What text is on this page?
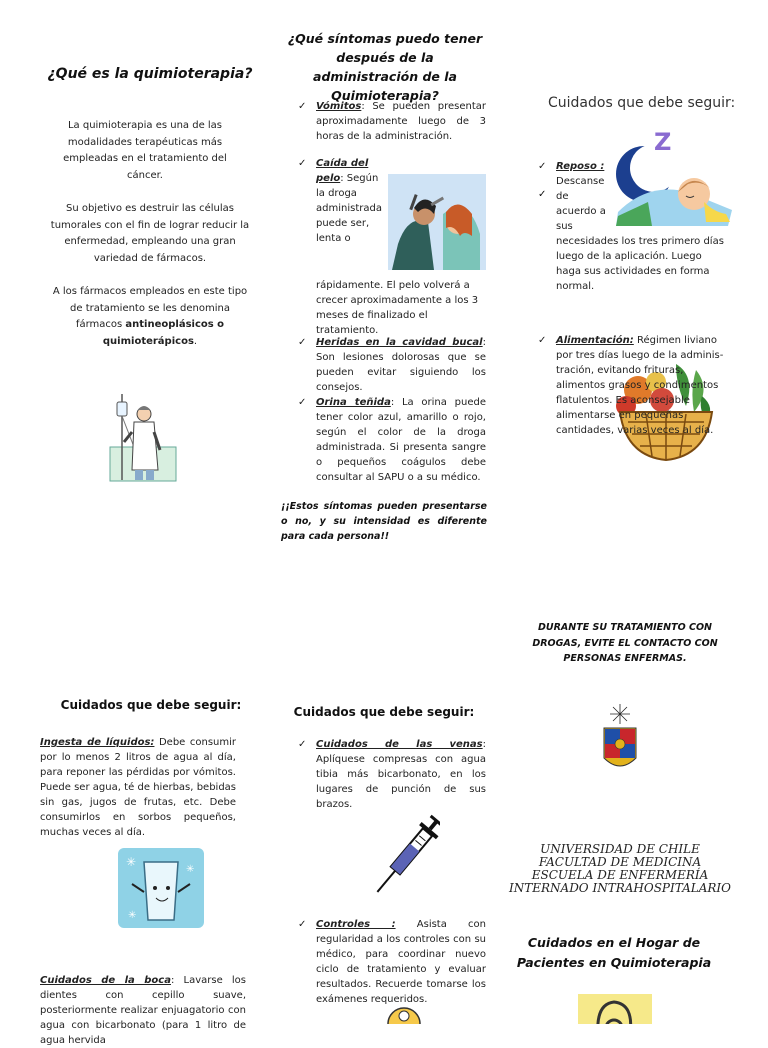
¿Qué es la quimioterapia?
La quimioterapia es una de las modalidades terapéuticas más empleadas en el tratamiento del cáncer.
Su objetivo es destruir las células tumorales con el fin de lograr reducir la enfermedad, empleando una gran variedad de fármacos.
A los fármacos empleados en este tipo de tratamiento se les denomina fármacos antineoplásicos o quimioterápicos.
¿Qué síntomas puedo tener después de la administración de la Quimioterapia?
✓ Vómitos: Se pueden presentar aproximadamente luego de 3 horas de la administración.
✓ Caída del pelo: Según la droga administrada puede ser, lenta o rápidamente. El pelo volverá a crecer aproximadamente a los 3 meses de finalizado el tratamiento.
✓ Heridas en la cavidad bucal: Son lesiones dolorosas que se pueden evitar siguiendo los consejos.
✓ Orina teñida: La orina puede tener color azul, amarillo o rojo, según el color de la droga administrada. Si presenta sangre o pequeños coágulos debe consultar al SAPU o a su médico.
¡¡Estos síntomas pueden presentarse o no, y su intensidad es diferente para cada persona!!
Cuidados que debe seguir:
Z
✓ Reposo : Descanse de acuerdo a sus
necesidades los tres primero días luego de la aplicación. Luego haga sus actividades en forma normal.
✓
✓ Alimentación: Régimen liviano por tres días luego de la adminis-tración, evitando frituras,
alimentos grasos y condimentos flatulentos. Es aconsejable alimentarse en pequeñas cantidades, varias veces al día.
DURANTE SU TRATAMIENTO CON DROGAS, EVITE EL CONTACTO CON PERSONAS ENFERMAS.
Cuidados que debe seguir:
Ingesta de líquidos: Debe consumir por lo menos 2 litros de agua al día, para reponer las pérdidas por vómitos. Puede ser agua, té de hierbas, bebidas sin gas, jugos de frutas, etc. Debe consumirlos en sorbos pequeños, muchas veces al día.
✳
✳
✳
Cuidados de la boca: Lavarse los dientes con cepillo suave, posteriormente realizar enjuagatorio con agua con bicarbonato (para 1 litro de agua hervida
Cuidados que debe seguir:
✓ Cuidados de las venas: Aplíquese compresas con agua tibia más bicarbonato, en los lugares de punción de sus brazos.
✓ Controles : Asista con regularidad a los controles con su médico, para coordinar nuevo ciclo de tratamiento y evaluar resultados. Recuerde tomarse los exámenes requeridos.
UNIVERSIDAD DE CHILE
FACULTAD DE MEDICINA
ESCUELA DE ENFERMERÍA
INTERNADO INTRAHOSPITALARIO
Cuidados en el Hogar de Pacientes en Quimioterapia
